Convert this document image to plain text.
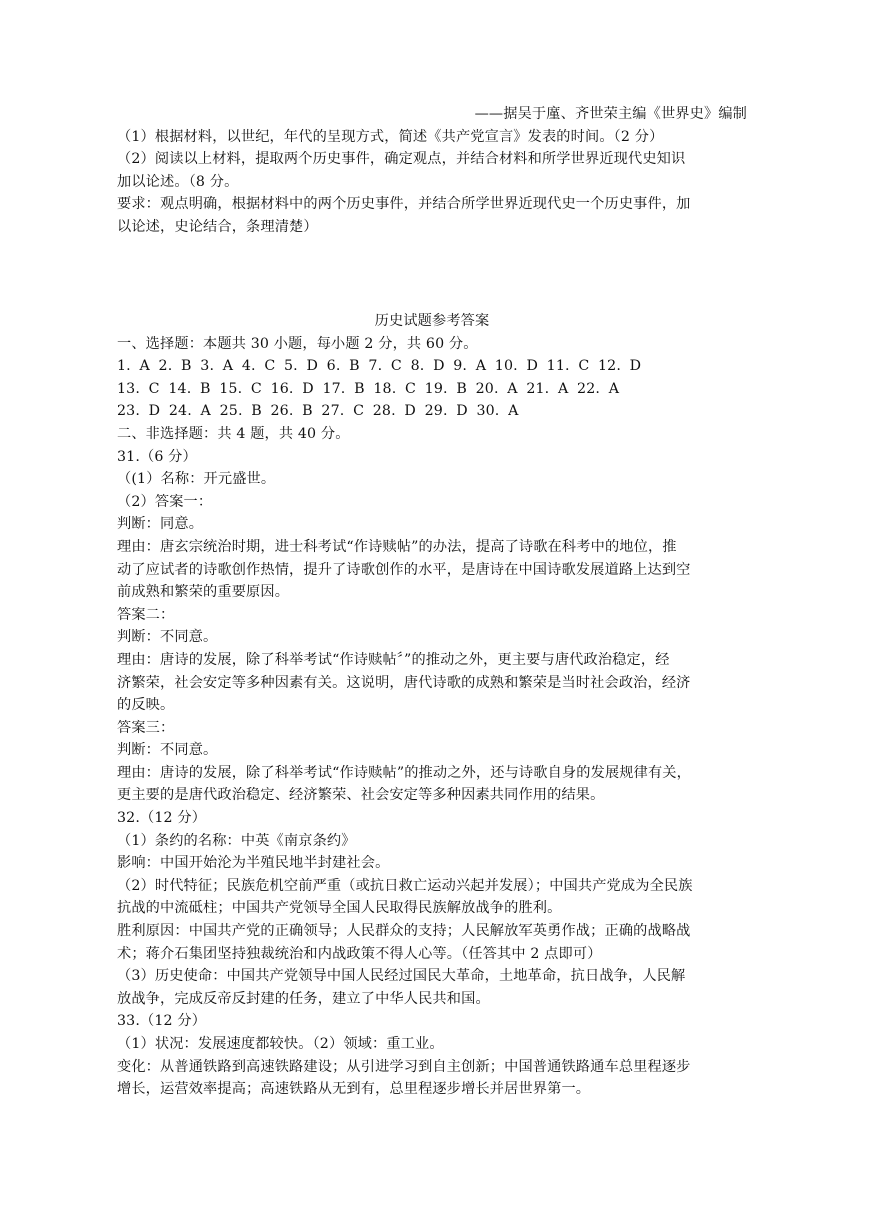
——据吴于廑、齐世荣主编《世界史》编制

（1）根据材料，以世纪，年代的呈现方式，简述《共产党宣言》发表的时间。（2 分）

（2）阅读以上材料，提取两个历史事件，确定观点，并结合材料和所学世界近现代史知识

加以论述。（8 分。

要求：观点明确，根据材料中的两个历史事件，并结合所学世界近现代史一个历史事件，加

以论述，史论结合，条理清楚）

历史试题参考答案

一、选择题：本题共 30 小题，每小题 2 分，共 60 分。

1. A 2. B 3. A 4. C 5. D 6. B 7. C 8. D 9. A 10. D 11. C 12. D

13. C 14. B 15. C 16. D 17. B 18. C 19. B 20. A 21. A 22. A

23. D 24. A 25. B 26. B 27. C 28. D 29. D 30. A

二、非选择题：共 4 题，共 40 分。

31.（6 分）

（(1）名称：开元盛世。

（2）答案一：

判断：同意。

理由：唐玄宗统治时期，进士科考试“作诗赎帖”的办法，提高了诗歌在科考中的地位，推

动了应试者的诗歌创作热情，提升了诗歌创作的水平，是唐诗在中国诗歌发展道路上达到空

前成熟和繁荣的重要原因。

答案二：

判断：不同意。

理由：唐诗的发展，除了科举考试“作诗赎帖〞”的推动之外，更主要与唐代政治稳定，经

济繁荣，社会安定等多种因素有关。这说明，唐代诗歌的成熟和繁荣是当时社会政治，经济

的反映。

答案三：

判断：不同意。

理由：唐诗的发展，除了科举考试“作诗赎帖”的推动之外，还与诗歌自身的发展规律有关，

更主要的是唐代政治稳定、经济繁荣、社会安定等多种因素共同作用的结果。

32.（12 分）

（1）条约的名称：中英《南京条约》

影响：中国开始沦为半殖民地半封建社会。

（2）时代特征；民族危机空前严重（或抗日救亡运动兴起并发展）；中国共产党成为全民族

抗战的中流砥柱；中国共产党领导全国人民取得民族解放战争的胜利。

胜利原因：中国共产党的正确领导；人民群众的支持；人民解放军英勇作战；正确的战略战

术；蒋介石集团坚持独裁统治和内战政策不得人心等。（任答其中 2 点即可）

（3）历史使命：中国共产党领导中国人民经过国民大革命，土地革命，抗日战争，人民解

放战争，完成反帝反封建的任务，建立了中华人民共和国。

33.（12 分）

（1）状况：发展速度都较快。（2）领域：重工业。

变化：从普通铁路到高速铁路建设；从引进学习到自主创新；中国普通铁路通车总里程逐步

增长，运营效率提高；高速铁路从无到有，总里程逐步增长并居世界第一。
